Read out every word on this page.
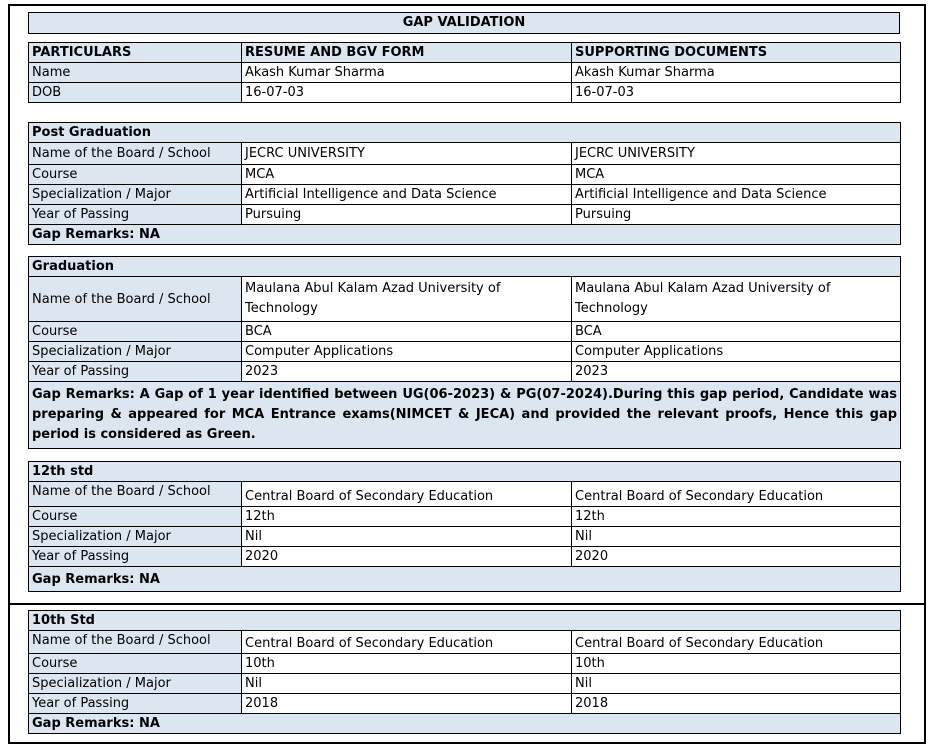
GAP VALIDATION
PARTICULARS	RESUME AND BGV FORM	SUPPORTING DOCUMENTS
Name	Akash Kumar Sharma	Akash Kumar Sharma
DOB	16-07-03	16-07-03
Post Graduation		
Name of the Board / School	JECRC UNIVERSITY	JECRC UNIVERSITY
Course	MCA	MCA
Specialization / Major	Artificial Intelligence and Data Science	Artificial Intelligence and Data Science
Year of Passing	Pursuing	Pursuing
Gap Remarks: NA		
Graduation		
Name of the Board / School	Maulana Abul Kalam Azad University of Technology	Maulana Abul Kalam Azad University of Technology
Course	BCA	BCA
Specialization / Major	Computer Applications	Computer Applications
Year of Passing	2023	2023
Gap Remarks: A Gap of 1 year identified between UG(06-2023) & PG(07-2024).During this gap period, Candidate was preparing & appeared for MCA Entrance exams(NIMCET & JECA) and provided the relevant proofs, Hence this gap period is considered as Green.		
12th std		
Name of the Board / School	Central Board of Secondary Education	Central Board of Secondary Education
Course	12th	12th
Specialization / Major	Nil	Nil
Year of Passing	2020	2020
Gap Remarks: NA		
10th Std		
Name of the Board / School	Central Board of Secondary Education	Central Board of Secondary Education
Course	10th	10th
Specialization / Major	Nil	Nil
Year of Passing	2018	2018
Gap Remarks: NA		
